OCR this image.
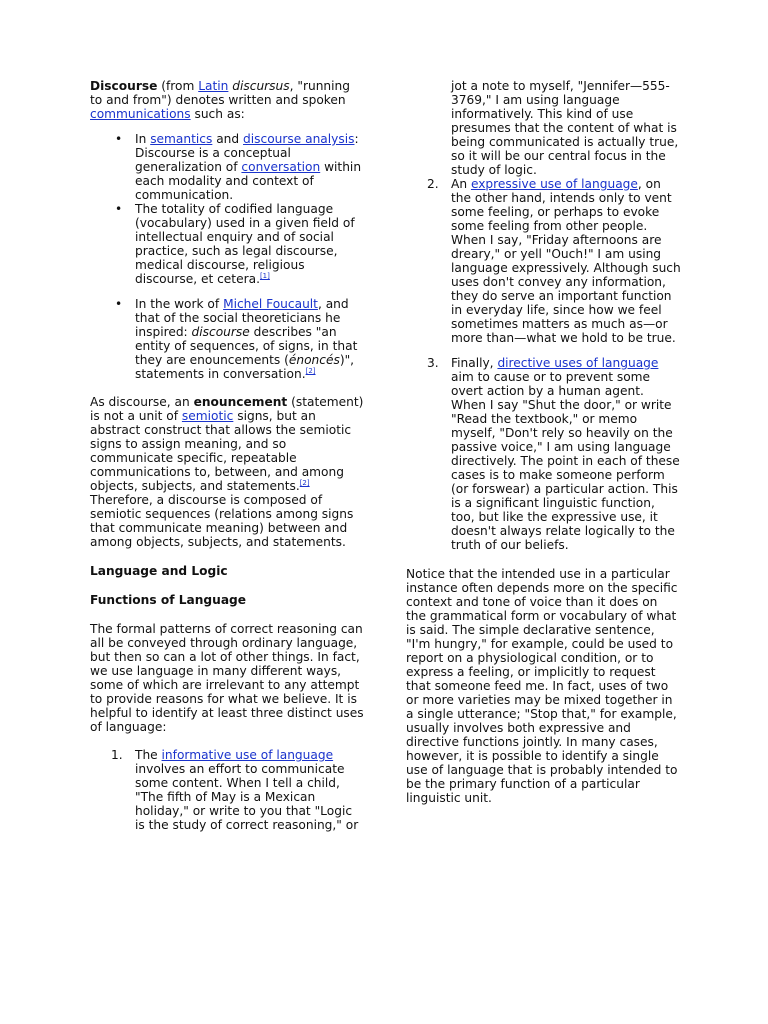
Discourse (from Latin discursus, "running to and from") denotes written and spoken communications such as:

• In semantics and discourse analysis: Discourse is a conceptual generalization of conversation within each modality and context of communication.
• The totality of codified language (vocabulary) used in a given field of intellectual enquiry and of social practice, such as legal discourse, medical discourse, religious discourse, et cetera.[1]
• In the work of Michel Foucault, and that of the social theoreticians he inspired: discourse describes "an entity of sequences, of signs, in that they are enouncements (énoncés)", statements in conversation.[2]

As discourse, an enouncement (statement) is not a unit of semiotic signs, but an abstract construct that allows the semiotic signs to assign meaning, and so communicate specific, repeatable communications to, between, and among objects, subjects, and statements.[2] Therefore, a discourse is composed of semiotic sequences (relations among signs that communicate meaning) between and among objects, subjects, and statements.

Language and Logic

Functions of Language

The formal patterns of correct reasoning can all be conveyed through ordinary language, but then so can a lot of other things. In fact, we use language in many different ways, some of which are irrelevant to any attempt to provide reasons for what we believe. It is helpful to identify at least three distinct uses of language:

1. The informative use of language involves an effort to communicate some content. When I tell a child, "The fifth of May is a Mexican holiday," or write to you that "Logic is the study of correct reasoning," or

jot a note to myself, "Jennifer—555-3769," I am using language informatively. This kind of use presumes that the content of what is being communicated is actually true, so it will be our central focus in the study of logic.

2. An expressive use of language, on the other hand, intends only to vent some feeling, or perhaps to evoke some feeling from other people. When I say, "Friday afternoons are dreary," or yell "Ouch!" I am using language expressively. Although such uses don't convey any information, they do serve an important function in everyday life, since how we feel sometimes matters as much as—or more than—what we hold to be true.
3. Finally, directive uses of language aim to cause or to prevent some overt action by a human agent. When I say "Shut the door," or write "Read the textbook," or memo myself, "Don't rely so heavily on the passive voice," I am using language directively. The point in each of these cases is to make someone perform (or forswear) a particular action. This is a significant linguistic function, too, but like the expressive use, it doesn't always relate logically to the truth of our beliefs.

Notice that the intended use in a particular instance often depends more on the specific context and tone of voice than it does on the grammatical form or vocabulary of what is said. The simple declarative sentence, "I'm hungry," for example, could be used to report on a physiological condition, or to express a feeling, or implicitly to request that someone feed me. In fact, uses of two or more varieties may be mixed together in a single utterance; "Stop that," for example, usually involves both expressive and directive functions jointly. In many cases, however, it is possible to identify a single use of language that is probably intended to be the primary function of a particular linguistic unit.
